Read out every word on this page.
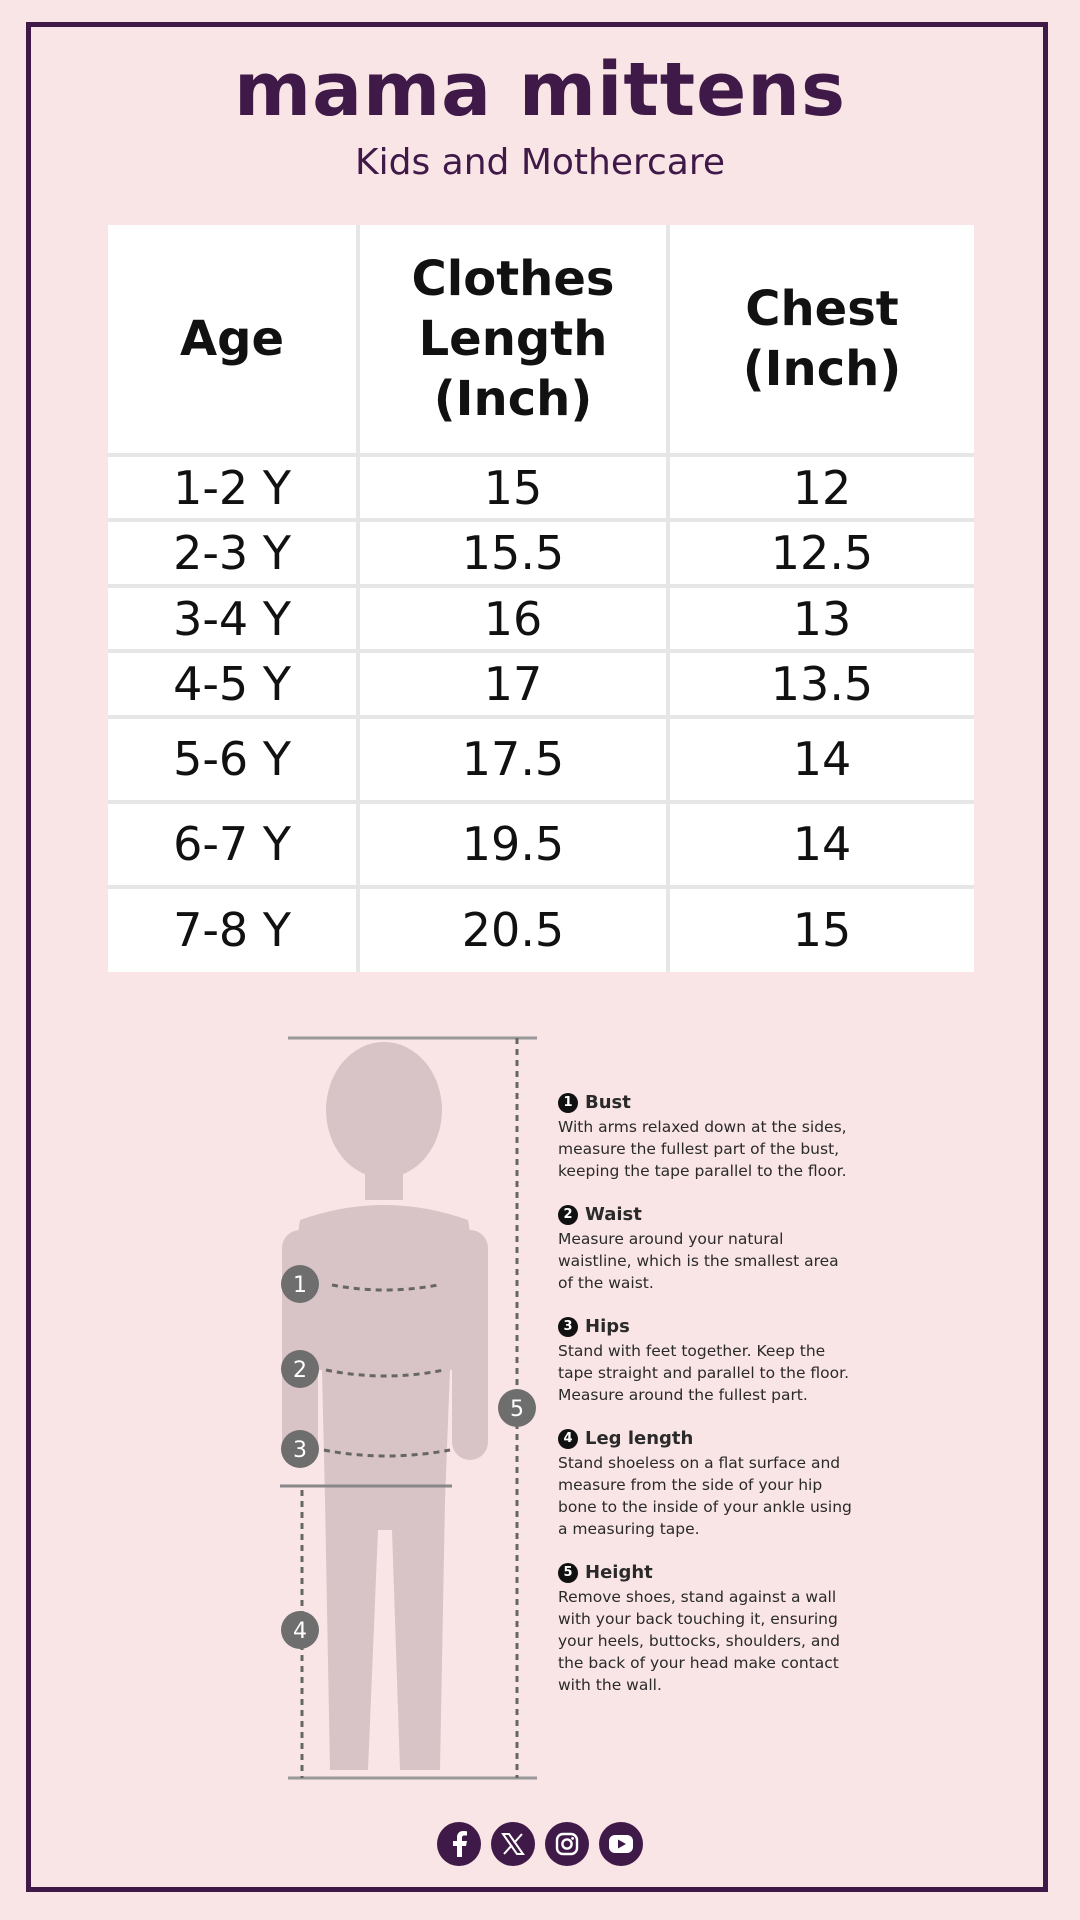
mama mittens
Kids and Mothercare
Age	Clothes Length (Inch)	Chest (Inch)
1-2 Y	15	12
2-3 Y	15.5	12.5
3-4 Y	16	13
4-5 Y	17	13.5
5-6 Y	17.5	14
6-7 Y	19.5	14
7-8 Y	20.5	15
1
2
3
4
5
1 Bust
With arms relaxed down at the sides, measure the fullest part of the bust, keeping the tape parallel to the floor.
2 Waist
Measure around your natural waistline, which is the smallest area of the waist.
3 Hips
Stand with feet together. Keep the tape straight and parallel to the floor. Measure around the fullest part.
4 Leg length
Stand shoeless on a flat surface and measure from the side of your hip bone to the inside of your ankle using a measuring tape.
5 Height
Remove shoes, stand against a wall with your back touching it, ensuring your heels, buttocks, shoulders, and the back of your head make contact with the wall.
